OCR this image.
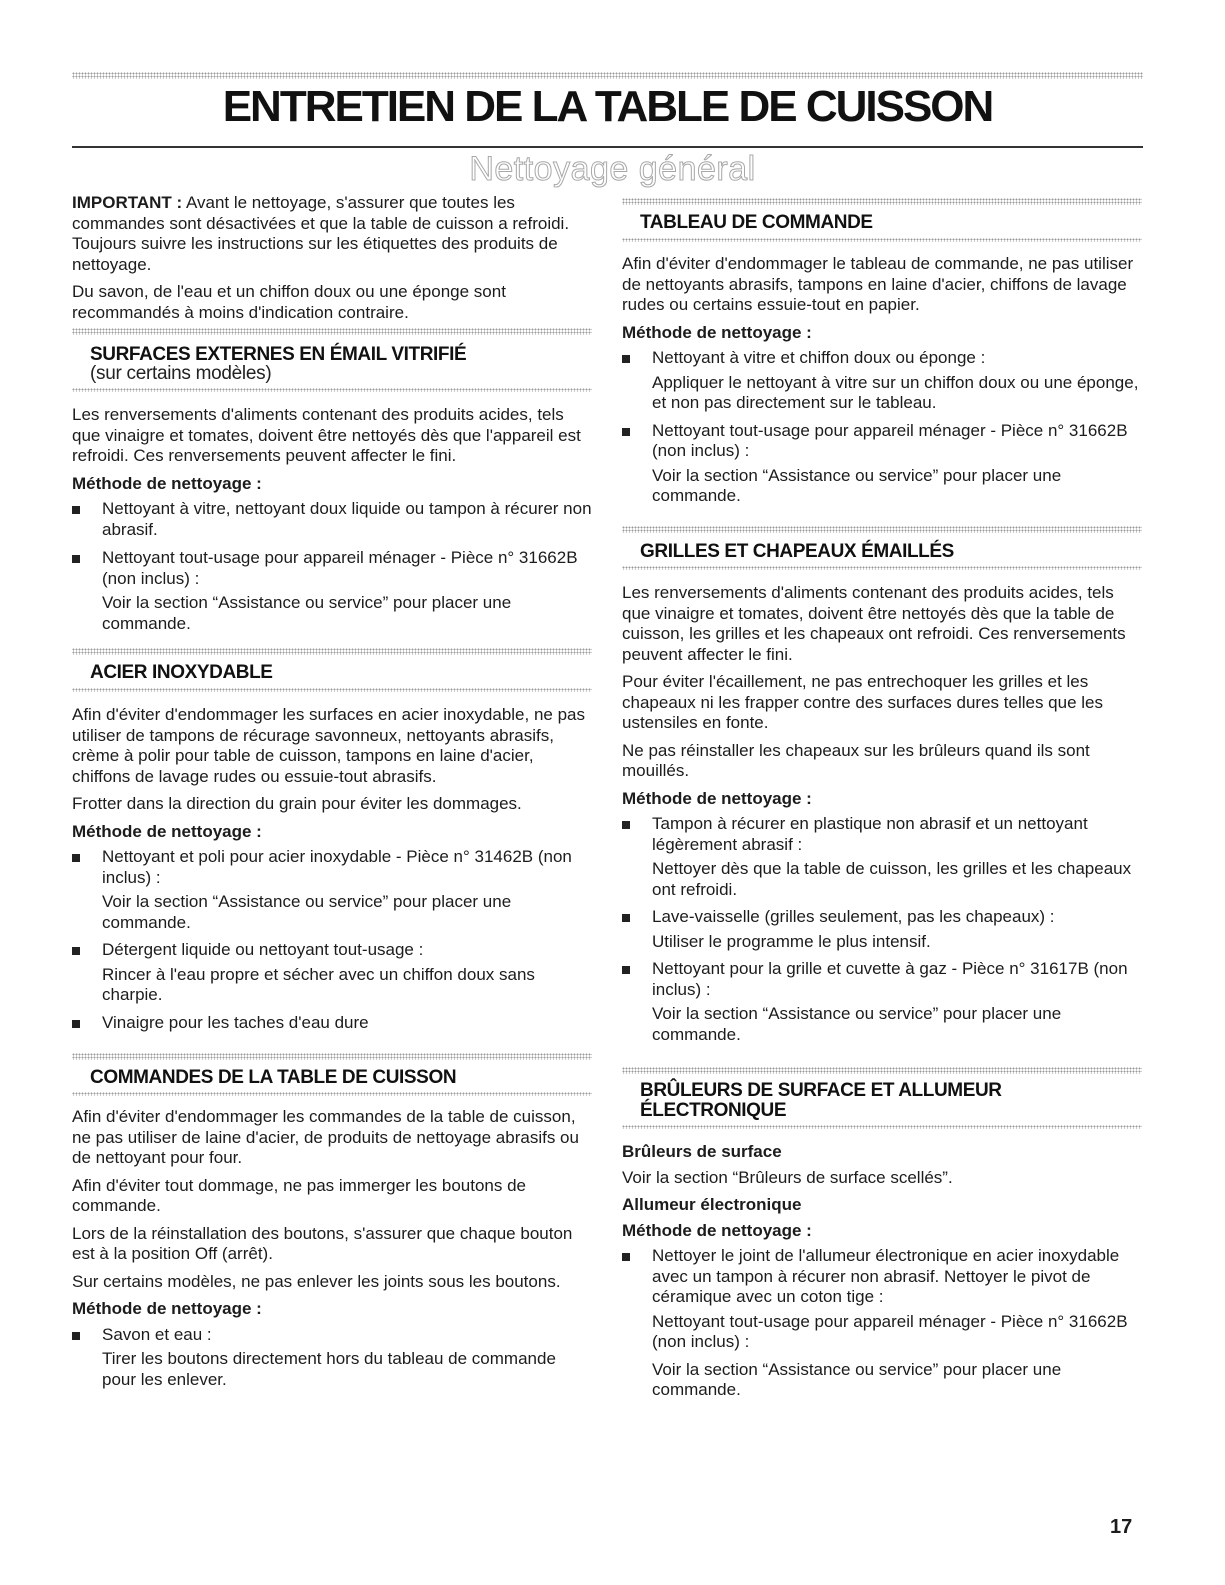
ENTRETIEN DE LA TABLE DE CUISSON
Nettoyage général

IMPORTANT : Avant le nettoyage, s'assurer que toutes les commandes sont désactivées et que la table de cuisson a refroidi. Toujours suivre les instructions sur les étiquettes des produits de nettoyage.

Du savon, de l'eau et un chiffon doux ou une éponge sont recommandés à moins d'indication contraire.

SURFACES EXTERNES EN ÉMAIL VITRIFIÉ
(sur certains modèles)

Les renversements d'aliments contenant des produits acides, tels que vinaigre et tomates, doivent être nettoyés dès que l'appareil est refroidi. Ces renversements peuvent affecter le fini.

Méthode de nettoyage :

Nettoyant à vitre, nettoyant doux liquide ou tampon à récurer non abrasif.
Nettoyant tout-usage pour appareil ménager - Pièce n° 31662B (non inclus) :

Voir la section “Assistance ou service” pour placer une commande.

ACIER INOXYDABLE

Afin d'éviter d'endommager les surfaces en acier inoxydable, ne pas utiliser de tampons de récurage savonneux, nettoyants abrasifs, crème à polir pour table de cuisson, tampons en laine d'acier, chiffons de lavage rudes ou essuie-tout abrasifs.

Frotter dans la direction du grain pour éviter les dommages.

Méthode de nettoyage :

Nettoyant et poli pour acier inoxydable - Pièce n° 31462B (non inclus) :

Voir la section “Assistance ou service” pour placer une commande.

Détergent liquide ou nettoyant tout-usage :

Rincer à l'eau propre et sécher avec un chiffon doux sans charpie.

Vinaigre pour les taches d'eau dure
COMMANDES DE LA TABLE DE CUISSON

Afin d'éviter d'endommager les commandes de la table de cuisson, ne pas utiliser de laine d'acier, de produits de nettoyage abrasifs ou de nettoyant pour four.

Afin d'éviter tout dommage, ne pas immerger les boutons de commande.

Lors de la réinstallation des boutons, s'assurer que chaque bouton est à la position Off (arrêt).

Sur certains modèles, ne pas enlever les joints sous les boutons.

Méthode de nettoyage :

Savon et eau :

Tirer les boutons directement hors du tableau de commande pour les enlever.

TABLEAU DE COMMANDE

Afin d'éviter d'endommager le tableau de commande, ne pas utiliser de nettoyants abrasifs, tampons en laine d'acier, chiffons de lavage rudes ou certains essuie-tout en papier.

Méthode de nettoyage :

Nettoyant à vitre et chiffon doux ou éponge :

Appliquer le nettoyant à vitre sur un chiffon doux ou une éponge, et non pas directement sur le tableau.

Nettoyant tout-usage pour appareil ménager - Pièce n° 31662B (non inclus) :

Voir la section “Assistance ou service” pour placer une commande.

GRILLES ET CHAPEAUX ÉMAILLÉS

Les renversements d'aliments contenant des produits acides, tels que vinaigre et tomates, doivent être nettoyés dès que la table de cuisson, les grilles et les chapeaux ont refroidi. Ces renversements peuvent affecter le fini.

Pour éviter l'écaillement, ne pas entrechoquer les grilles et les chapeaux ni les frapper contre des surfaces dures telles que les ustensiles en fonte.

Ne pas réinstaller les chapeaux sur les brûleurs quand ils sont mouillés.

Méthode de nettoyage :

Tampon à récurer en plastique non abrasif et un nettoyant légèrement abrasif :

Nettoyer dès que la table de cuisson, les grilles et les chapeaux ont refroidi.

Lave-vaisselle (grilles seulement, pas les chapeaux) :

Utiliser le programme le plus intensif.

Nettoyant pour la grille et cuvette à gaz - Pièce n° 31617B (non inclus) :

Voir la section “Assistance ou service” pour placer une commande.

BRÛLEURS DE SURFACE ET ALLUMEUR
ÉLECTRONIQUE

Brûleurs de surface

Voir la section “Brûleurs de surface scellés”.

Allumeur électronique

Méthode de nettoyage :

Nettoyer le joint de l'allumeur électronique en acier inoxydable avec un tampon à récurer non abrasif. Nettoyer le pivot de céramique avec un coton tige :

Nettoyant tout-usage pour appareil ménager - Pièce n° 31662B (non inclus) :

Voir la section “Assistance ou service” pour placer une commande.

17
